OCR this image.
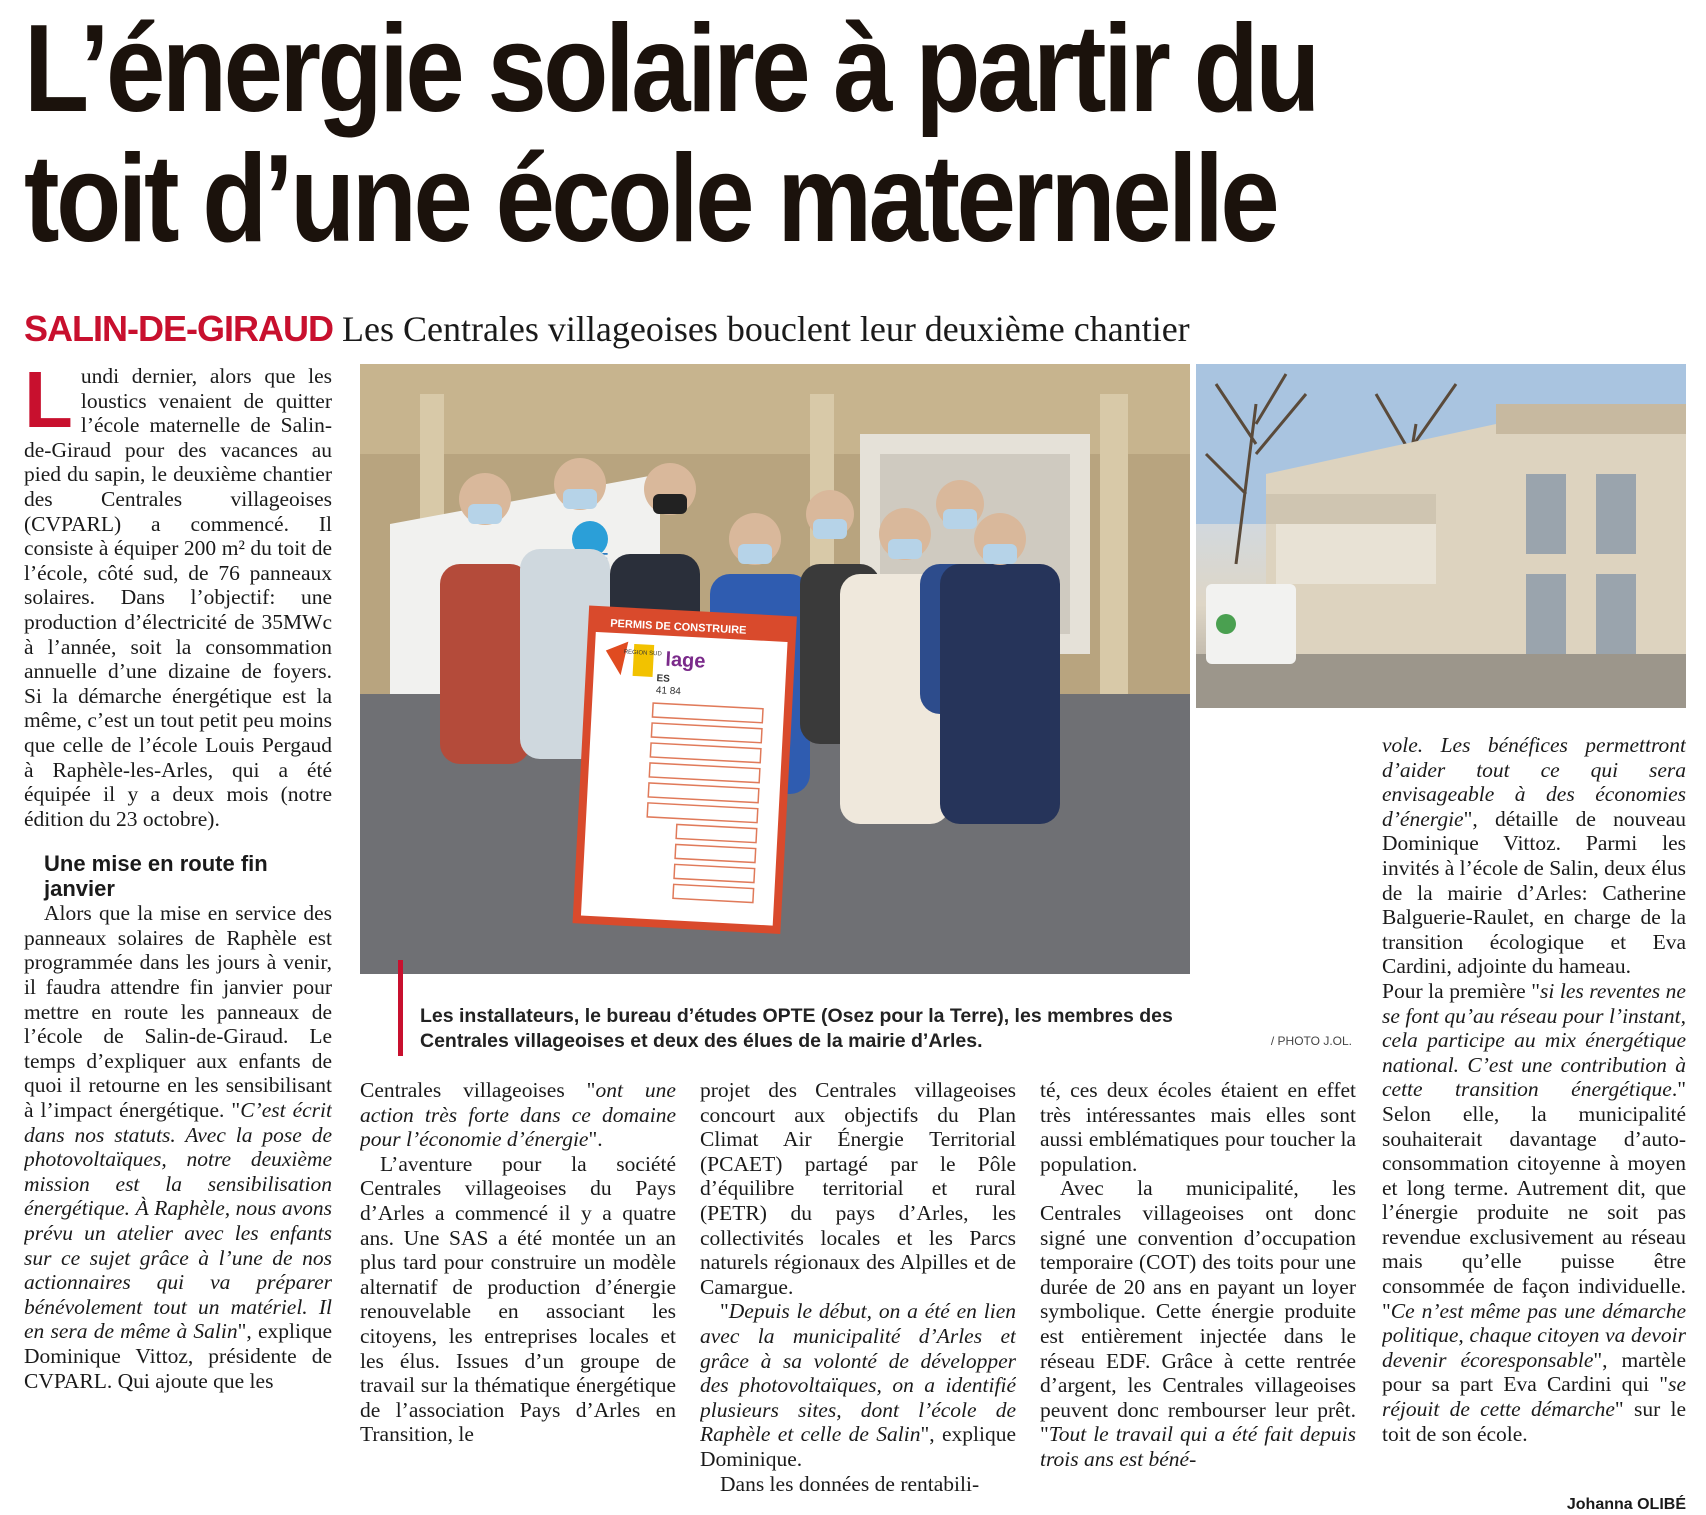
L’énergie solaire à partir du
toit d’une école maternelle
SALIN-DE-GIRAUD Les Centrales villageoises bouclent leur deuxième chantier

L undi dernier, alors que les loustics venaient de quitter l’école maternelle de Salin-de-Giraud pour des vacances au pied du sapin, le deuxième chantier des Centrales villageoises (CVPARL) a commencé. Il consiste à équiper 200 m² du toit de l’école, côté sud, de 76 panneaux solaires. Dans l’objectif: une production d’électricité de 35MWc à l’année, soit la consommation annuelle d’une dizaine de foyers. Si la démarche énergétique est la même, c’est un tout petit peu moins que celle de l’école Louis Pergaud à Raphèle-les-Arles, qui a été équipée il y a deux mois (notre édition du 23 octobre).

Une mise en route fin janvier

Alors que la mise en service des panneaux solaires de Raphèle est programmée dans les jours à venir, il faudra attendre fin janvier pour mettre en route les panneaux de l’école de Salin-de-Giraud. Le temps d’expliquer aux enfants de quoi il retourne en les sensibilisant à l’impact énergétique. "C’est écrit dans nos statuts. Avec la pose de photovoltaïques, notre deuxième mission est la sensibilisation énergétique. À Raphèle, nous avons prévu un atelier avec les enfants sur ce sujet grâce à l’une de nos actionnaires qui va préparer bénévolement tout un matériel. Il en sera de même à Salin", explique Dominique Vittoz, présidente de CVPARL. Qui ajoute que les

PERMIS DE CONSTRUIRE
lage
ES
41 84
REGION SUD
Les installateurs, le bureau d’études OPTE (Osez pour la Terre), les membres des Centrales villageoises et deux des élues de la mairie d’Arles.	/ PHOTO J.OL.

Centrales villageoises "ont une action très forte dans ce domaine pour l’économie d’énergie".

L’aventure pour la société Centrales villageoises du Pays d’Arles a commencé il y a quatre ans. Une SAS a été montée un an plus tard pour construire un modèle alternatif de production d’énergie renouvelable en associant les citoyens, les entreprises locales et les élus. Issues d’un groupe de travail sur la thématique énergétique de l’association Pays d’Arles en Transition, le

projet des Centrales villageoises concourt aux objectifs du Plan Climat Air Énergie Territorial (PCAET) partagé par le Pôle d’équilibre territorial et rural (PETR) du pays d’Arles, les collectivités locales et les Parcs naturels régionaux des Alpilles et de Camargue.

"Depuis le début, on a été en lien avec la municipalité d’Arles et grâce à sa volonté de développer des photovoltaïques, on a identifié plusieurs sites, dont l’école de Raphèle et celle de Salin", explique Dominique.

Dans les données de rentabili-

té, ces deux écoles étaient en effet très intéressantes mais elles sont aussi emblématiques pour toucher la population.

Avec la municipalité, les Centrales villageoises ont donc signé une convention d’occupation temporaire (COT) des toits pour une durée de 20 ans en payant un loyer symbolique. Cette énergie produite est entièrement injectée dans le réseau EDF. Grâce à cette rentrée d’argent, les Centrales villageoises peuvent donc rembourser leur prêt. "Tout le travail qui a été fait depuis trois ans est béné-

vole. Les bénéfices permettront d’aider tout ce qui sera envisageable à des économies d’énergie", détaille de nouveau Dominique Vittoz. Parmi les invités à l’école de Salin, deux élus de la mairie d’Arles: Catherine Balguerie-Raulet, en charge de la transition écologique et Eva Cardini, adjointe du hameau.

Pour la première "si les reventes ne se font qu’au réseau pour l’instant, cela participe au mix énergétique national. C’est une contribution à cette transition énergétique." Selon elle, la municipalité souhaiterait davantage d’auto-consommation citoyenne à moyen et long terme. Autrement dit, que l’énergie produite ne soit pas revendue exclusivement au réseau mais qu’elle puisse être consommée de façon individuelle. "Ce n’est même pas une démarche politique, chaque citoyen va devoir devenir écoresponsable", martèle pour sa part Eva Cardini qui "se réjouit de cette démarche" sur le toit de son école.

Johanna OLIBÉ
